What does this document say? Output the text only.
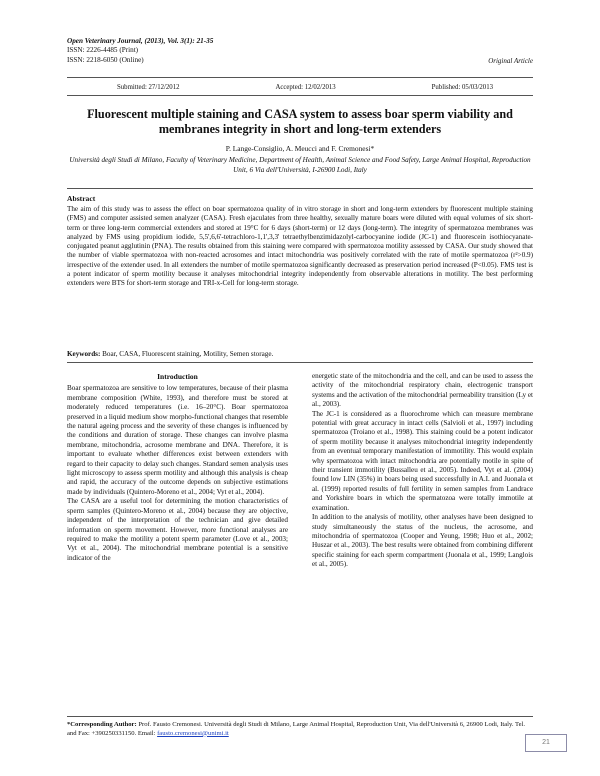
Open Veterinary Journal, (2013), Vol. 3(1): 21-35
ISSN: 2226-4485 (Print)
ISSN: 2218-6050 (Online)	Original Article
Submitted: 27/12/2012	Accepted: 12/02/2013	Published: 05/03/2013
Fluorescent multiple staining and CASA system to assess boar sperm viability and membranes integrity in short and long-term extenders
P. Lange-Consiglio, A. Meucci and F. Cremonesi*
Università degli Studi di Milano, Faculty of Veterinary Medicine, Department of Health, Animal Science and Food Safety, Large Animal Hospital, Reproduction Unit, 6 Via dell'Università, I-26900 Lodi, Italy
Abstract
The aim of this study was to assess the effect on boar spermatozoa quality of in vitro storage in short and long-term extenders by fluorescent multiple staining (FMS) and computer assisted semen analyzer (CASA). Fresh ejaculates from three healthy, sexually mature boars were diluted with equal volumes of six short-term or three long-term commercial extenders and stored at 19°C for 6 days (short-term) or 12 days (long-term). The integrity of spermatozoa membranes was analyzed by FMS using propidium iodide, 5,5',6,6'-tetrachloro-1,1',3,3' tetraethylbenzimidazolyl-carbocyanine iodide (JC-1) and fluorescein isothiocyanate-conjugated peanut agglutinin (PNA). The results obtained from this staining were compared with spermatozoa motility assessed by CASA. Our study showed that the number of viable spermatozoa with non-reacted acrosomes and intact mitochondria was positively correlated with the rate of motile spermatozoa (r²>0.9) irrespective of the extender used. In all extenders the number of motile spermatozoa significantly decreased as preservation period increased (P<0.05). FMS test is a potent indicator of sperm motility because it analyses mitochondrial integrity independently from observable alterations in motility. The best performing extenders were BTS for short-term storage and TRI-x-Cell for long-term storage.
Keywords: Boar, CASA, Fluorescent staining, Motility, Semen storage.
Introduction

Boar spermatozoa are sensitive to low temperatures, because of their plasma membrane composition (White, 1993), and therefore must be stored at moderately reduced temperatures (i.e. 16–20°C). Boar spermatozoa preserved in a liquid medium show morpho-functional changes that resemble the natural ageing process and the severity of these changes is influenced by the conditions and duration of storage. These changes can involve plasma membrane, mitochondria, acrosome membrane and DNA. Therefore, it is important to evaluate whether differences exist between extenders with regard to their capacity to delay such changes. Standard semen analysis uses light microscopy to assess sperm motility and although this analysis is cheap and rapid, the accuracy of the outcome depends on subjective estimations made by individuals (Quintero-Moreno et al., 2004; Vyt et al., 2004).

The CASA are a useful tool for determining the motion characteristics of sperm samples (Quintero-Moreno et al., 2004) because they are objective, independent of the interpretation of the technician and give detailed information on sperm movement. However, more functional analyses are required to make the motility a potent sperm parameter (Love et al., 2003; Vyt et al., 2004). The mitochondrial membrane potential is a sensitive indicator of the

energetic state of the mitochondria and the cell, and can be used to assess the activity of the mitochondrial respiratory chain, electrogenic transport systems and the activation of the mitochondrial permeability transition (Ly et al., 2003).

The JC-1 is considered as a fluorochrome which can measure membrane potential with great accuracy in intact cells (Salvioli et al., 1997) including spermatozoa (Troiano et al., 1998). This staining could be a potent indicator of sperm motility because it analyses mitochondrial integrity independently from an eventual temporary manifestation of immotility. This would explain why spermatozoa with intact mitochondria are potentially motile in spite of their transient immotility (Bussalleu et al., 2005). Indeed, Vyt et al. (2004) found low LIN (35%) in boars being used successfully in A.I. and Juonala et al. (1999) reported results of full fertility in semen samples from Landrace and Yorkshire boars in which the spermatozoa were totally immotile at examination.

In addition to the analysis of motility, other analyses have been designed to study simultaneously the status of the nucleus, the acrosome, and mitochondria of spermatozoa (Cooper and Yeung, 1998; Huo et al., 2002; Huszar et al., 2003). The best results were obtained from combining different specific staining for each sperm compartment (Juonala et al., 1999; Langlois et al., 2005).

*Corresponding Author: Prof. Fausto Cremonesi. Università degli Studi di Milano, Large Animal Hospital, Reproduction Unit, Via dell'Università 6, 26900 Lodi, Italy. Tel. and Fax: +390250331150. Email: fausto.cremonesi@unimi.it
21
